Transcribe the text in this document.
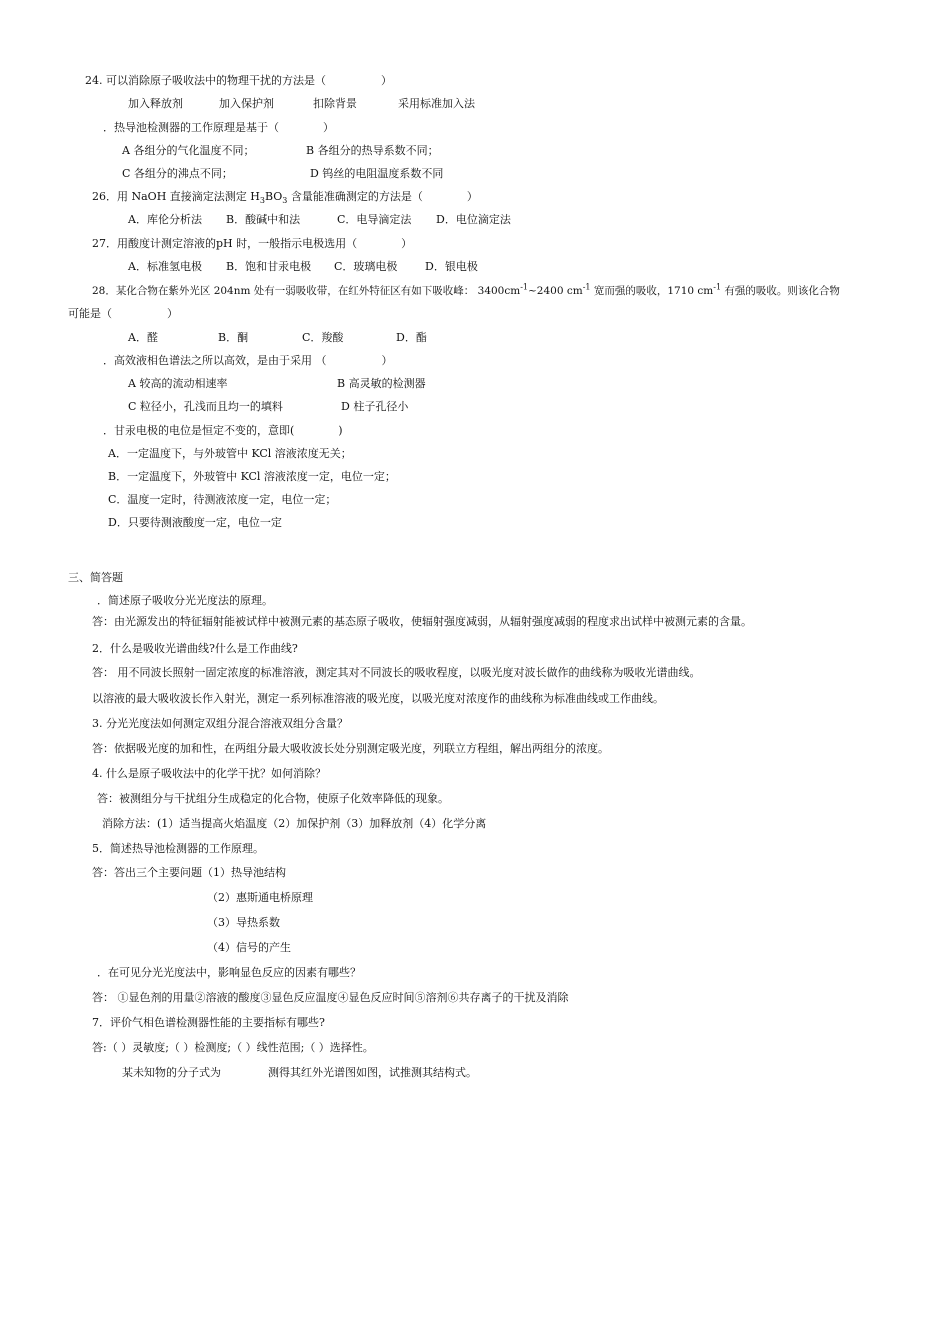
24. 可以消除原子吸收法中的物理干扰的方法是（　　　　　）
加入释放剂	加入保护剂	扣除背景	采用标准加入法
．热导池检测器的工作原理是基于（　　　　）
A 各组分的气化温度不同；	B 各组分的热导系数不同；
C 各组分的沸点不同；	D 钨丝的电阻温度系数不同
26．用 NaOH 直接滴定法测定 $H_3BO_3$ 含量能准确测定的方法是（　　　　）
A．库伦分析法 B．酸碱中和法	C．电导滴定法 D．电位滴定法
27．用酸度计测定溶液的pH 时，一般指示电极选用（　　　　）
A．标准氢电极 B．饱和甘汞电极 C．玻璃电极	D．银电极
28．某化合物在紫外光区 204nm 处有一弱吸收带，在红外特征区有如下吸收峰： $3400cm^{-1}\sim 2400$ $cm^{-1}$ 宽而强的吸收，1710 $cm^{-1}$ 有强的吸收。则该化合物
可能是（　　　　　）
A．醛	B．酮	C．羧酸	D．酯
．高效液相色谱法之所以高效，是由于采用 （　　　　　）
A 较高的流动相速率	B 高灵敏的检测器
C 粒径小，孔浅而且均一的填料	D 柱子孔径小
．甘汞电极的电位是恒定不变的，意即(　　　　)
A．一定温度下，与外玻管中 KCl 溶液浓度无关；
B．一定温度下，外玻管中 KCl 溶液浓度一定，电位一定；
C．温度一定时，待测液浓度一定，电位一定；
D．只要待测液酸度一定，电位一定
三、简答题
．简述原子吸收分光光度法的原理。
答：由光源发出的特征辐射能被试样中被测元素的基态原子吸收，使辐射强度减弱，从辐射强度减弱的程度求出试样中被测元素的含量。
2．什么是吸收光谱曲线?什么是工作曲线?
答： 用不同波长照射一固定浓度的标准溶液，测定其对不同波长的吸收程度，以吸光度对波长做作的曲线称为吸收光谱曲线。
以溶液的最大吸收波长作入射光，测定一系列标准溶液的吸光度，以吸光度对浓度作的曲线称为标准曲线或工作曲线。
3. 分光光度法如何测定双组分混合溶液双组分含量？
答：依据吸光度的加和性，在两组分最大吸收波长处分别测定吸光度，列联立方程组，解出两组分的浓度。
4. 什么是原子吸收法中的化学干扰？如何消除？
答：被测组分与干扰组分生成稳定的化合物，使原子化效率降低的现象。
消除方法：(1）适当提高火焰温度（2）加保护剂（3）加释放剂（4）化学分离
5．简述热导池检测器的工作原理。
答：答出三个主要问题（1）热导池结构
（2）惠斯通电桥原理
（3）导热系数
（4）信号的产生
．在可见分光光度法中，影响显色反应的因素有哪些？
答： ①显色剂的用量②溶液的酸度③显色反应温度④显色反应时间⑤溶剂⑥共存离子的干扰及消除
7．评价气相色谱检测器性能的主要指标有哪些?
答:（ ）灵敏度;（ ）检测度;（ ）线性范围;（ ）选择性。
某未知物的分子式为	测得其红外光谱图如图，试推测其结构式。
